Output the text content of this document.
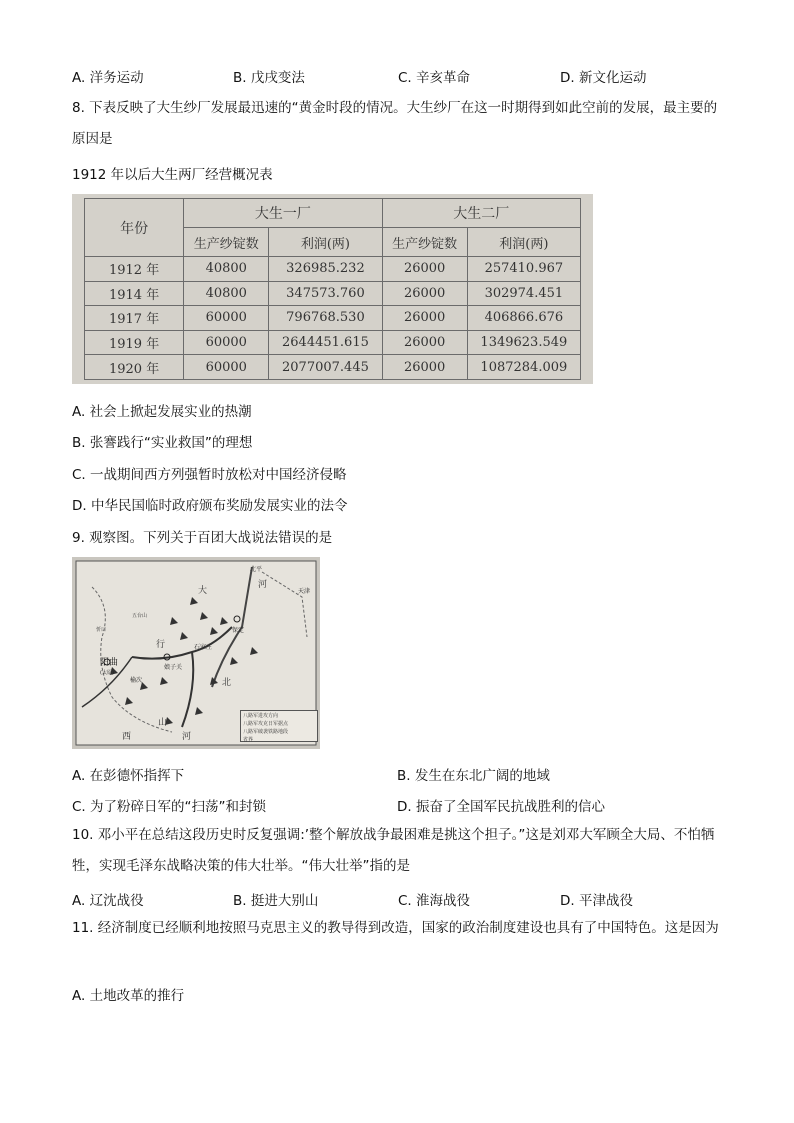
A. 洋务运动	B. 戊戌变法	C. 辛亥革命	D. 新文化运动
8. 下表反映了大生纱厂发展最迅速的“黄金时段的情况。大生纱厂在这一时期得到如此空前的发展，最主要的原因是
1912 年以后大生两厂经营概况表
年份	大生一厂		大生二厂	
	生产纱锭数	利润(两)	生产纱锭数	利润(两)
1912 年	40800	326985.232	26000	257410.967
1914 年	40800	347573.760	26000	302974.451
1917 年	60000	796768.530	26000	406866.676
1919 年	60000	2644451.615	26000	1349623.549
1920 年	60000	2077007.445	26000	1087284.009
A. 社会上掀起发展实业的热潮
B. 张謇践行“实业救国”的理想
C. 一战期间西方列强暂时放松对中国经济侵略
D. 中华民国临时政府颁布奖励发展实业的法令
9. 观察图。下列关于百团大战说法错误的是
北平
天津
保定
阳曲
(太原)
石家庄
娘子关
榆次
河
北
山
西	河
大
行
五台山
忻口
八路军进攻方向
八路军攻克日军据点
八路军破袭铁路地段
省界
A. 在彭德怀指挥下	B. 发生在东北广阔的地域
C. 为了粉碎日军的“扫荡”和封锁	D. 振奋了全国军民抗战胜利的信心
10. 邓小平在总结这段历史时反复强调:’整个解放战争最困难是挑这个担子。”这是刘邓大军顾全大局、不怕牺牲，实现毛泽东战略决策的伟大壮举。“伟大壮举”指的是
A. 辽沈战役	B. 挺进大别山	C. 淮海战役	D. 平津战役
11. 经济制度已经顺利地按照马克思主义的教导得到改造，国家的政治制度建设也具有了中国特色。这是因为
A. 土地改革的推行
